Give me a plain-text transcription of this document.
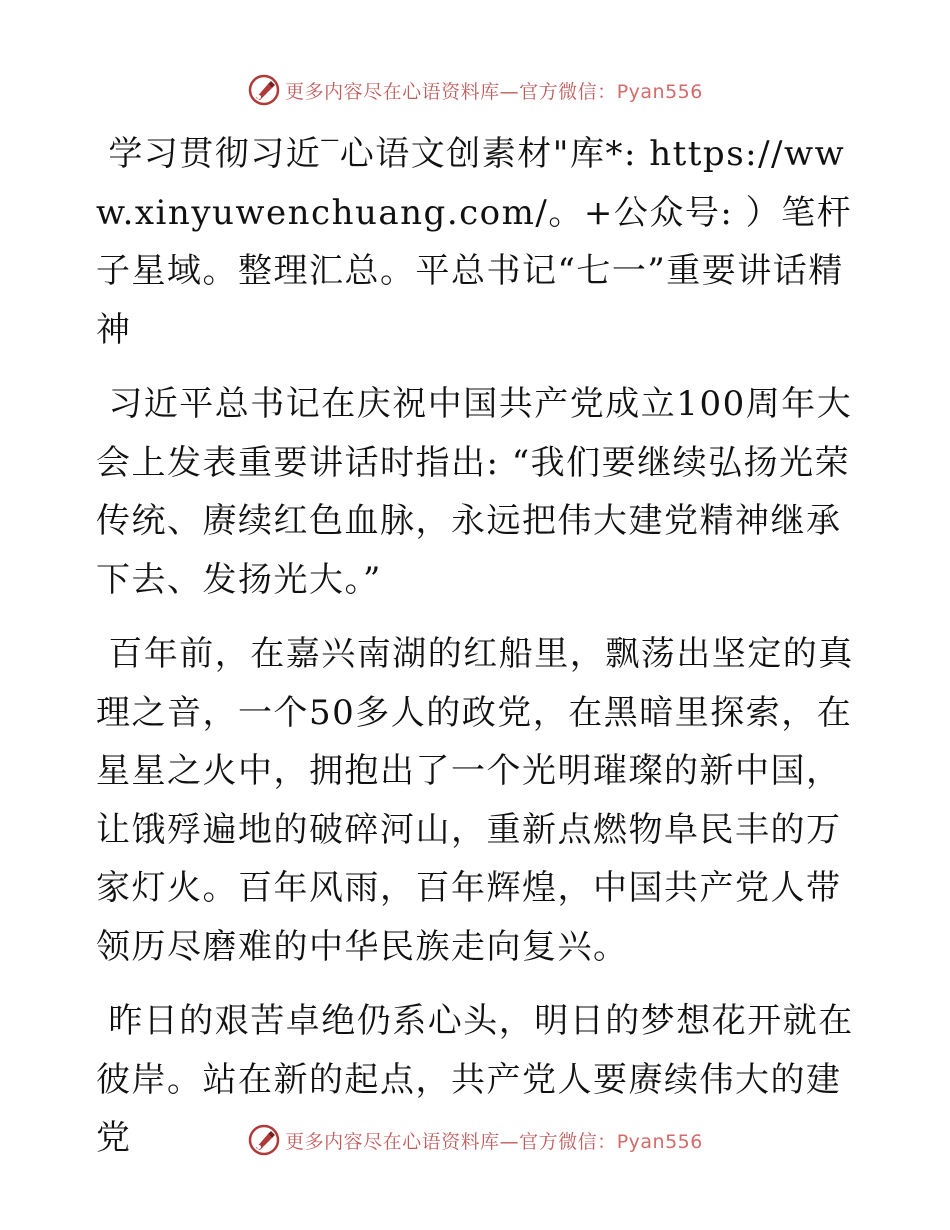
更多内容尽在心语资料库—官方微信：Pyan556

学习贯彻习近‾心语文创素材"库*: https://www.xinyuwenchuang.com/。+公众号: ）笔杆子星域。整理汇总。平总书记“七一”重要讲话精神

习近平总书记在庆祝中国共产党成立100周年大会上发表重要讲话时指出: “我们要继续弘扬光荣传统、赓续红色血脉，永远把伟大建党精神继承下去、发扬光大。”

百年前，在嘉兴南湖的红船里，飘荡出坚定的真理之音，一个50多人的政党，在黑暗里探索，在星星之火中，拥抱出了一个光明璀璨的新中国，让饿殍遍地的破碎河山，重新点燃物阜民丰的万家灯火。百年风雨，百年辉煌，中国共产党人带领历尽磨难的中华民族走向复兴。

昨日的艰苦卓绝仍系心头，明日的梦想花开就在彼岸。站在新的起点，共产党人要赓续伟大的建党	更多内容尽在心语资料库—官方微信：Pyan556
